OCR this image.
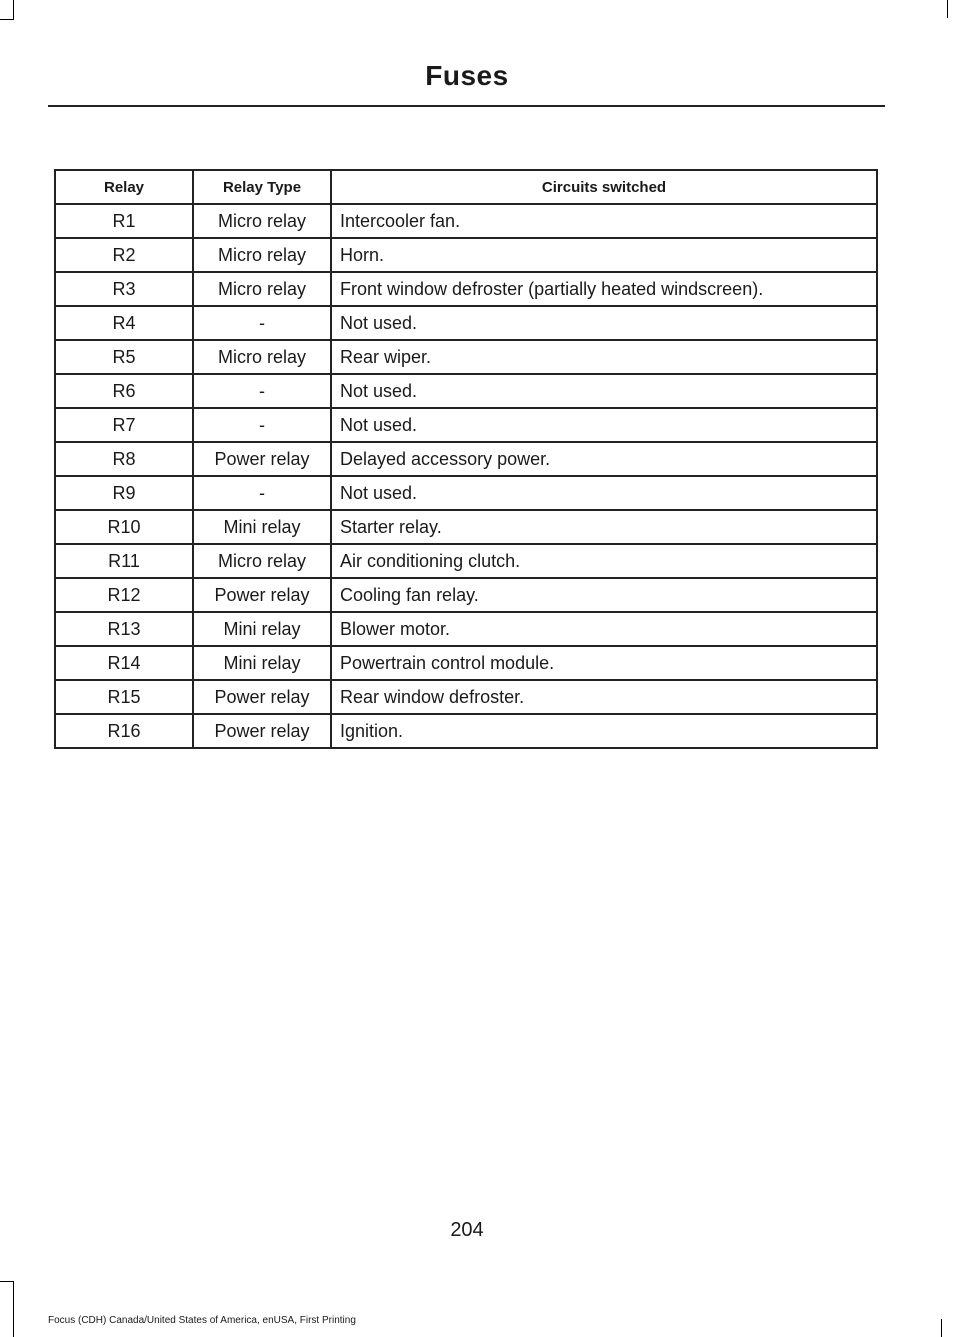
Fuses
Relay	Relay Type	Circuits switched
R1	Micro relay	Intercooler fan.
R2	Micro relay	Horn.
R3	Micro relay	Front window defroster (partially heated windscreen).
R4	-	Not used.
R5	Micro relay	Rear wiper.
R6	-	Not used.
R7	-	Not used.
R8	Power relay	Delayed accessory power.
R9	-	Not used.
R10	Mini relay	Starter relay.
R11	Micro relay	Air conditioning clutch.
R12	Power relay	Cooling fan relay.
R13	Mini relay	Blower motor.
R14	Mini relay	Powertrain control module.
R15	Power relay	Rear window defroster.
R16	Power relay	Ignition.
204
Focus (CDH) Canada/United States of America, enUSA, First Printing
